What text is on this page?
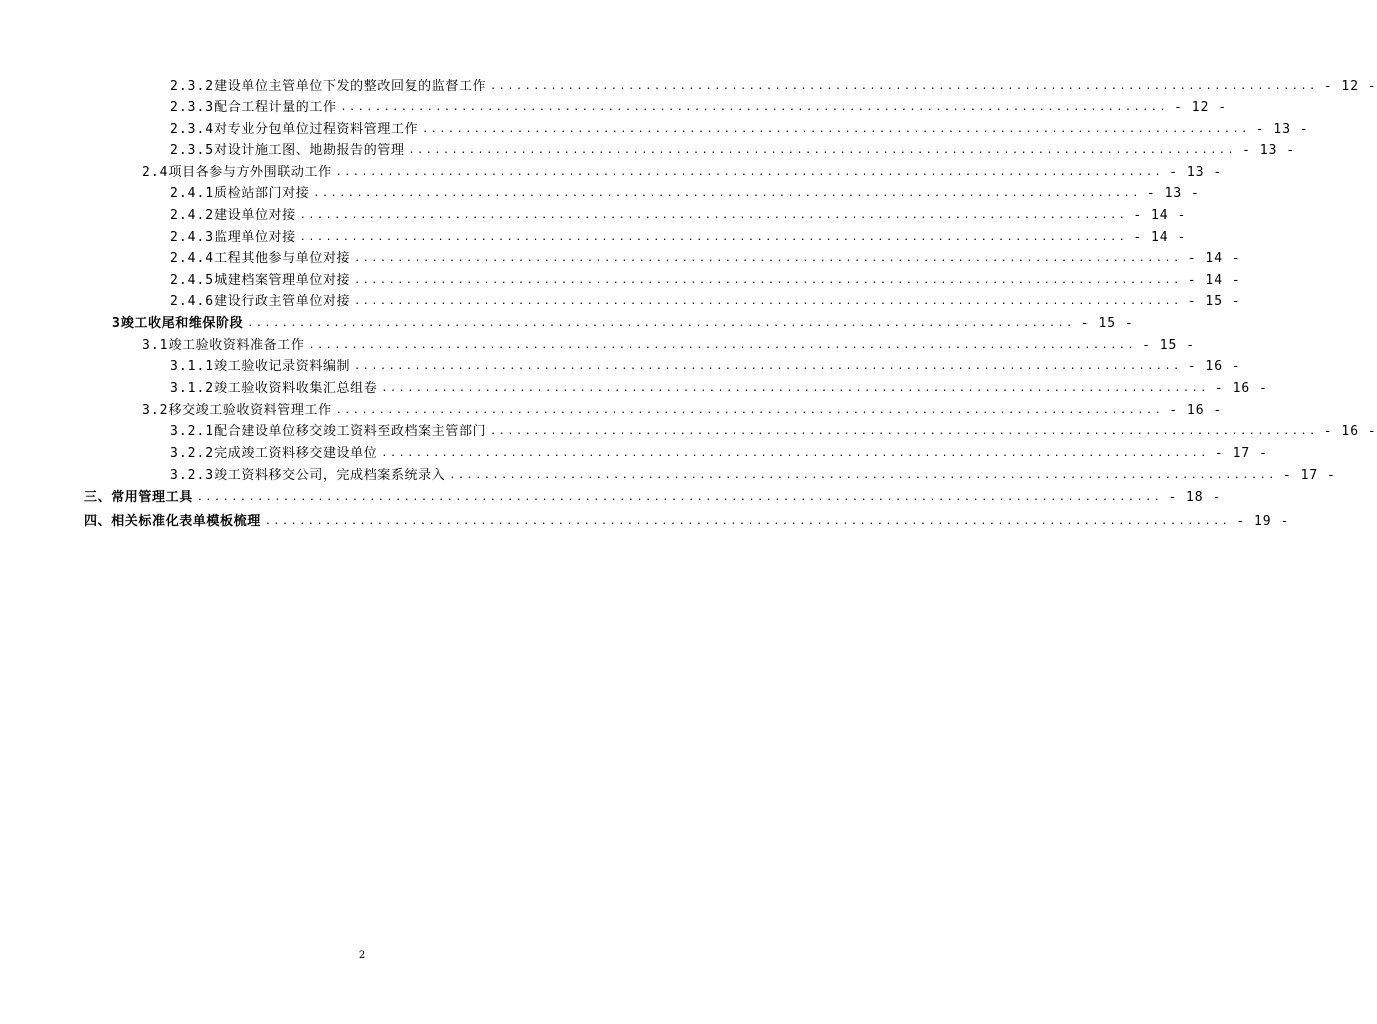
2.3.2 建设单位主管单位下发的整改回复的监督工作 ................................................................................................ - 12 -
2.3.3 配合工程计量的工作 ................................................................................................ - 12 -
2.3.4 对专业分包单位过程资料管理工作 ................................................................................................ - 13 -
2.3.5 对设计施工图、地勘报告的管理 ................................................................................................ - 13 -
2.4 项目各参与方外围联动工作 ................................................................................................ - 13 -
2.4.1 质检站部门对接 ................................................................................................ - 13 -
2.4.2 建设单位对接 ................................................................................................ - 14 -
2.4.3 监理单位对接 ................................................................................................ - 14 -
2.4.4 工程其他参与单位对接 ................................................................................................ - 14 -
2.4.5 城建档案管理单位对接 ................................................................................................ - 14 -
2.4.6 建设行政主管单位对接 ................................................................................................ - 15 -
3 竣工收尾和维保阶段 ................................................................................................ - 15 -
3.1 竣工验收资料准备工作 ................................................................................................ - 15 -
3.1.1 竣工验收记录资料编制 ................................................................................................ - 16 -
3.1.2 竣工验收资料收集汇总组卷 ................................................................................................ - 16 -
3.2 移交竣工验收资料管理工作 ................................................................................................ - 16 -
3.2.1 配合建设单位移交竣工资料至政档案主管部门 ................................................................................................ - 16 -
3.2.2 完成竣工资料移交建设单位 ................................................................................................ - 17 -
3.2.3 竣工资料移交公司，完成档案系统录入 ................................................................................................ - 17 -
三、常用管理工具 ................................................................................................................ - 18 -
四、相关标准化表单模板梳理 ................................................................................................................ - 19 -
2
